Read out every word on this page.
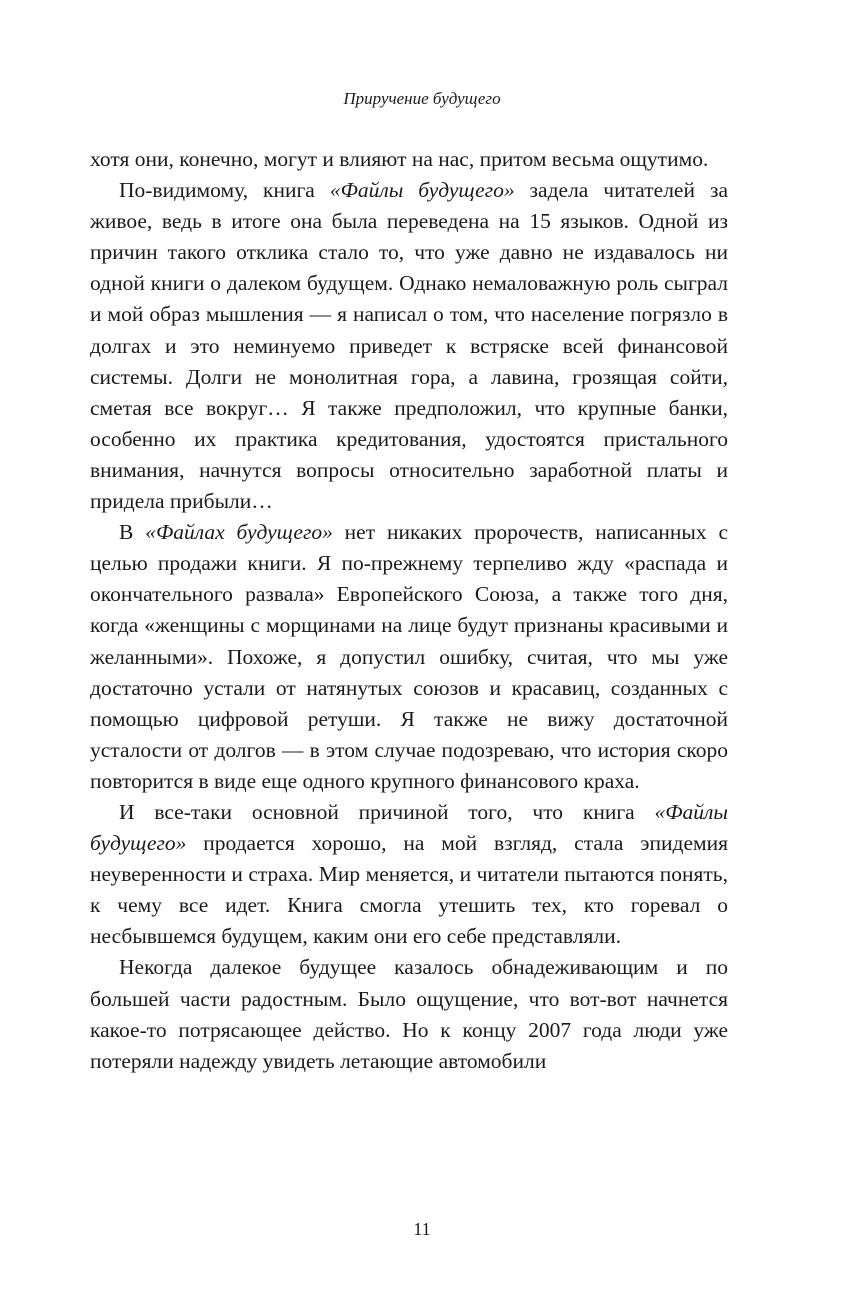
Приручение будущего

хотя они, конечно, могут и влияют на нас, притом весьма ощутимо.

По-видимому, книга «Файлы будущего» задела читателей за живое, ведь в итоге она была переведена на 15 языков. Одной из причин такого отклика стало то, что уже давно не издавалось ни одной книги о далеком будущем. Однако немаловажную роль сыграл и мой образ мышления — я написал о том, что население погрязло в долгах и это неминуемо приведет к встряске всей финансовой системы. Долги не монолитная гора, а лавина, грозящая сойти, сметая все вокруг… Я также предположил, что крупные банки, особенно их практика кредитования, удостоятся пристального внимания, начнутся вопросы относительно заработной платы и придела прибыли…

В «Файлах будущего» нет никаких пророчеств, написанных с целью продажи книги. Я по-прежнему терпеливо жду «распада и окончательного развала» Европейского Союза, а также того дня, когда «женщины с морщинами на лице будут признаны красивыми и желанными». Похоже, я допустил ошибку, считая, что мы уже достаточно устали от натянутых союзов и красавиц, созданных с помощью цифровой ретуши. Я также не вижу достаточной усталости от долгов — в этом случае подозреваю, что история скоро повторится в виде еще одного крупного финансового краха.

И все-таки основной причиной того, что книга «Файлы будущего» продается хорошо, на мой взгляд, стала эпидемия неуверенности и страха. Мир меняется, и читатели пытаются понять, к чему все идет. Книга смогла утешить тех, кто горевал о несбывшемся будущем, каким они его себе представляли.

Некогда далекое будущее казалось обнадеживающим и по большей части радостным. Было ощущение, что вот-вот начнется какое-то потрясающее действо. Но к концу 2007 года люди уже потеряли надежду увидеть летающие автомобили

11
